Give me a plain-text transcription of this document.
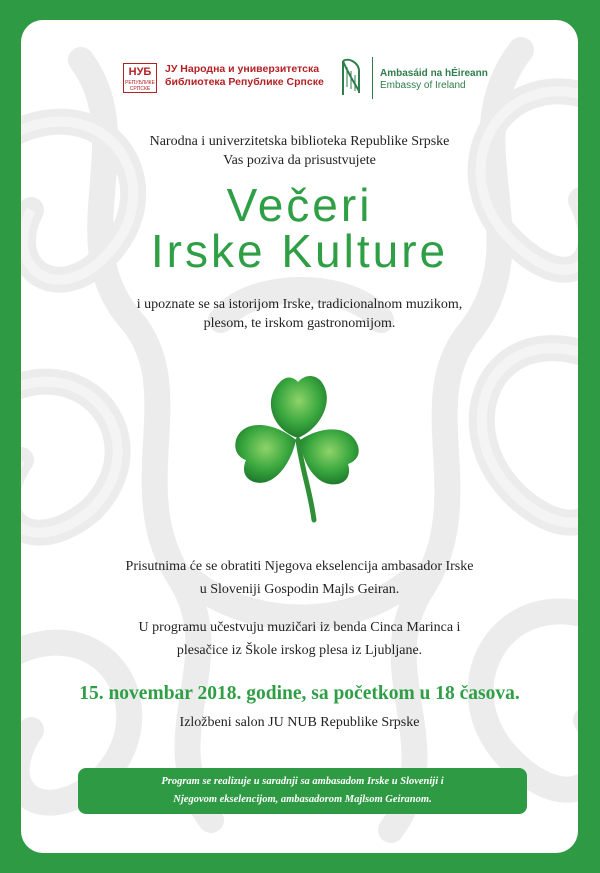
НУБ
РЕПУБЛИКЕ СРПСКЕ
ЈУ Народна и универзитетска
библиотека Републике Српске
Ambasáid na hÉireann
Embassy of Ireland
Narodna i univerzitetska biblioteka Republike Srpske
Vas poziva da prisustvujete
Večeri
Irske Kulture
i upoznate se sa istorijom Irske, tradicionalnom muzikom,
plesom, te irskom gastronomijom.
Prisutnima će se obratiti Njegova ekselencija ambasador Irske
u Sloveniji Gospodin Majls Geiran.
U programu učestvuju muzičari iz benda Cinca Marinca i
plesačice iz Škole irskog plesa iz Ljubljane.
15. novembar 2018. godine, sa početkom u 18 časova.
Izložbeni salon JU NUB Republike Srpske
Program se realizuje u saradnji sa ambasadom Irske u Sloveniji i
Njegovom ekselencijom, ambasadorom Majlsom Geiranom.
